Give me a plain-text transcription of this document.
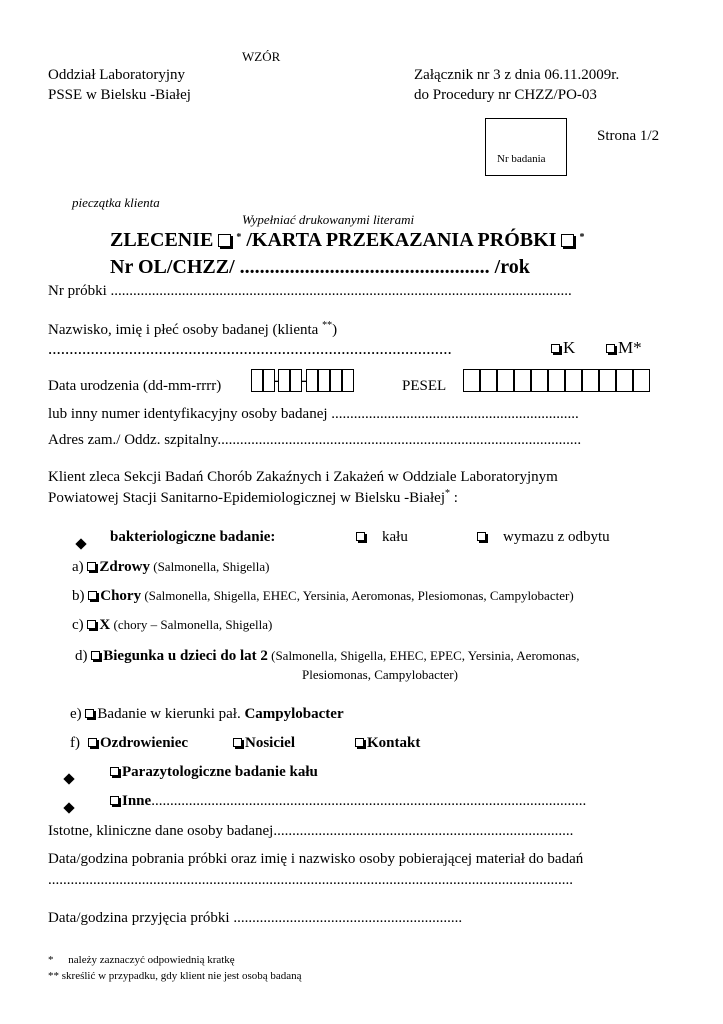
WZÓR
Oddział Laboratoryjny
PSSE w Bielsku -Białej
Załącznik nr 3 z dnia 06.11.2009r.
do Procedury nr CHZZ/PO-03
Nr badania
Strona 1/2
pieczątka klienta
Wypełniać drukowanymi literami
ZLECENIE * /KARTA PRZEKAZANIA PRÓBKI *
Nr OL/CHZZ/ .................................................. /rok
Nr próbki ...........................................................................................................................
Nazwisko, imię i płeć osoby badanej (klienta **)
...............................................................................................	K	M*
Data urodzenia (dd-mm-rrrr)	- -	PESEL
lub inny numer identyfikacyjny osoby badanej ..................................................................
Adres zam./ Oddz. szpitalny.................................................................................................
Klient zleca Sekcji Badań Chorób Zakaźnych i Zakażeń w Oddziale Laboratoryjnym
Powiatowej Stacji Sanitarno-Epidemiologicznej w Bielsku -Białej* :
bakteriologiczne badanie:	kału	wymazu z odbytu
a) Zdrowy (Salmonella, Shigella)
b) Chory (Salmonella, Shigella, EHEC, Yersinia, Aeromonas, Plesiomonas, Campylobacter)
c) X (chory – Salmonella, Shigella)
d) Biegunka u dzieci do lat 2 (Salmonella, Shigella, EHEC, EPEC, Yersinia, Aeromonas,
Plesiomonas, Campylobacter)
e) Badanie w kierunki pał. Campylobacter
f)	Ozdrowieniec	Nosiciel	Kontakt
Parazytologiczne badanie kału
Inne....................................................................................................................
Istotne, kliniczne dane osoby badanej................................................................................
Data/godzina pobrania próbki oraz imię i nazwisko osoby pobierającej materiał do badań
............................................................................................................................................
Data/godzina przyjęcia próbki .............................................................
* należy zaznaczyć odpowiednią kratkę
** skreślić w przypadku, gdy klient nie jest osobą badaną
